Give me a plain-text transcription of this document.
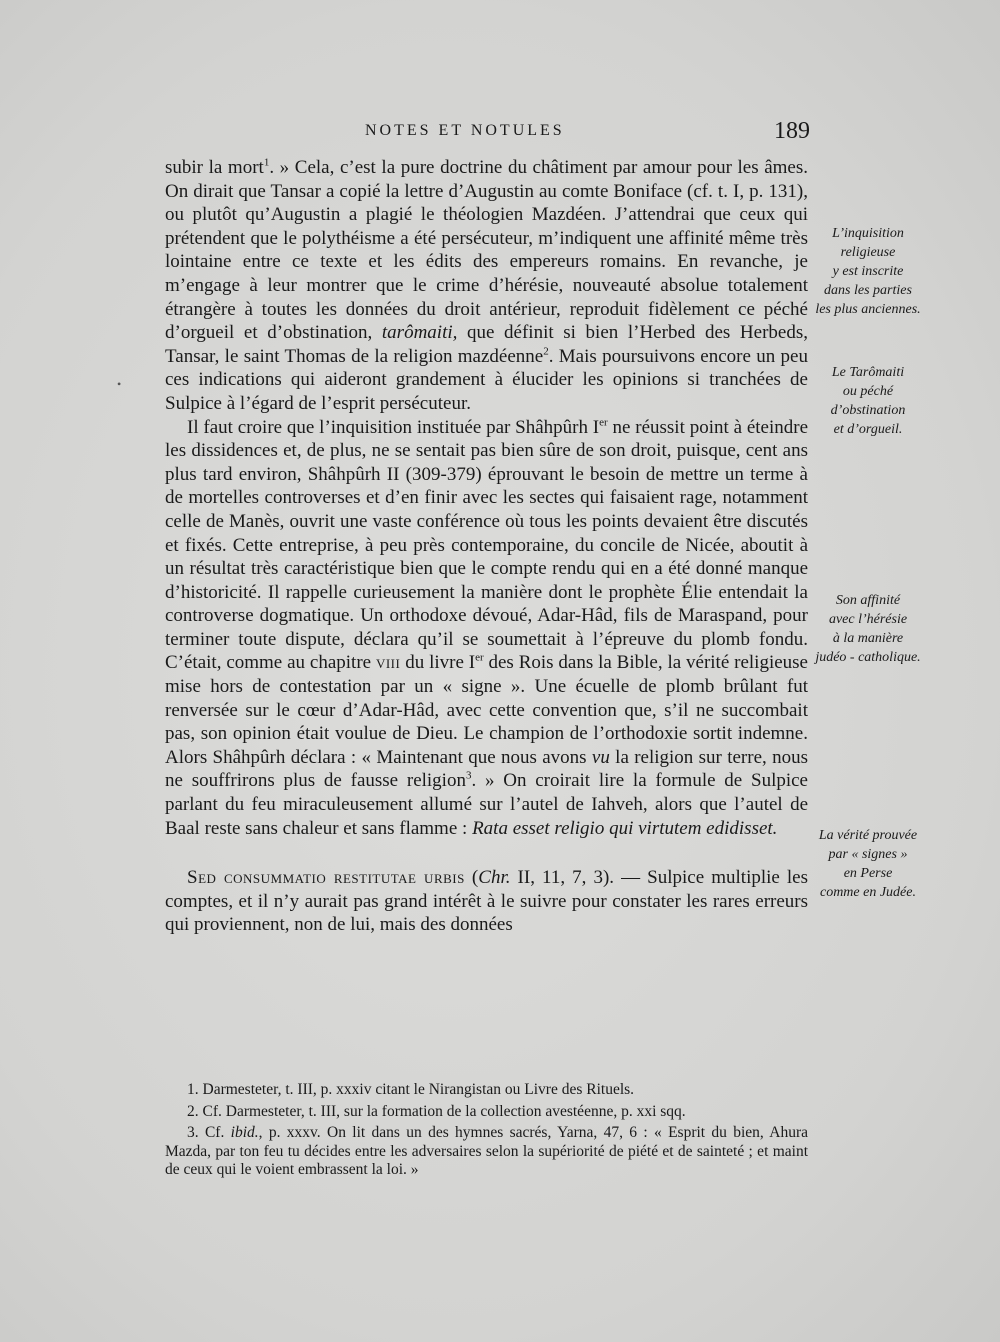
NOTES ET NOTULES	189
•

subir la mort$^1$. » Cela, c’est la pure doctrine du châtiment par amour pour les âmes. On dirait que Tansar a copié la lettre d’Augustin au comte Boniface (cf. t. I, p. 131), ou plutôt qu’Augustin a plagié le théologien Mazdéen. J’attendrai que ceux qui prétendent que le polythéisme a été persécuteur, m’indiquent une affinité même très lointaine entre ce texte et les édits des empereurs romains. En revanche, je m’engage à leur montrer que le crime d’hérésie, nouveauté absolue totalement étrangère à toutes les données du droit antérieur, reproduit fidèlement ce péché d’orgueil et d’obstination, tarômaiti, que définit si bien l’Herbed des Herbeds, Tansar, le saint Thomas de la religion mazdéenne$^2$. Mais poursuivons encore un peu ces indications qui aideront grandement à élucider les opinions si tranchées de Sulpice à l’égard de l’esprit persécuteur.

Il faut croire que l’inquisition instituée par Shâhpûrh Ier ne réussit point à éteindre les dissidences et, de plus, ne se sentait pas bien sûre de son droit, puisque, cent ans plus tard environ, Shâhpûrh II (309-379) éprouvant le besoin de mettre un terme à de mortelles controverses et d’en finir avec les sectes qui faisaient rage, notamment celle de Manès, ouvrit une vaste conférence où tous les points devaient être discutés et fixés. Cette entreprise, à peu près contemporaine, du concile de Nicée, aboutit à un résultat très caractéristique bien que le compte rendu qui en a été donné manque d’historicité. Il rappelle curieusement la manière dont le prophète Élie entendait la controverse dogmatique. Un orthodoxe dévoué, Adar-Hâd, fils de Maraspand, pour terminer toute dispute, déclara qu’il se soumettait à l’épreuve du plomb fondu. C’était, comme au chapitre viii du livre Ier des Rois dans la Bible, la vérité religieuse mise hors de contestation par un « signe ». Une écuelle de plomb brûlant fut renversée sur le cœur d’Adar-Hâd, avec cette convention que, s’il ne succombait pas, son opinion était voulue de Dieu. Le champion de l’orthodoxie sortit indemne. Alors Shâhpûrh déclara : « Maintenant que nous avons vu la religion sur terre, nous ne souffrirons plus de fausse religion$^3$. » On croirait lire la formule de Sulpice parlant du feu miraculeusement allumé sur l’autel de Iahveh, alors que l’autel de Baal reste sans chaleur et sans flamme : Rata esset religio qui virtutem edidisset.

Sed consummatio restitutae urbis (Chr. II, 11, 7, 3). — Sulpice multiplie les comptes, et il n’y aurait pas grand intérêt à le suivre pour constater les rares erreurs qui proviennent, non de lui, mais des données

L’inquisition
religieuse
y est inscrite
dans les parties
les plus anciennes.
Le Tarômaiti
ou péché
d’obstination
et d’orgueil.
Son affinité
avec l’hérésie
à la manière
judéo - catholique.
La vérité prouvée
par « signes »
en Perse
comme en Judée.

1. Darmesteter, t. III, p. xxxiv citant le Nirangistan ou Livre des Rituels.

2. Cf. Darmesteter, t. III, sur la formation de la collection avestéenne, p. xxi sqq.

3. Cf. ibid., p. xxxv. On lit dans un des hymnes sacrés, Yarna, 47, 6 : « Esprit du bien, Ahura Mazda, par ton feu tu décides entre les adversaires selon la supériorité de piété et de sainteté ; et maint de ceux qui le voient embrassent la loi. »
